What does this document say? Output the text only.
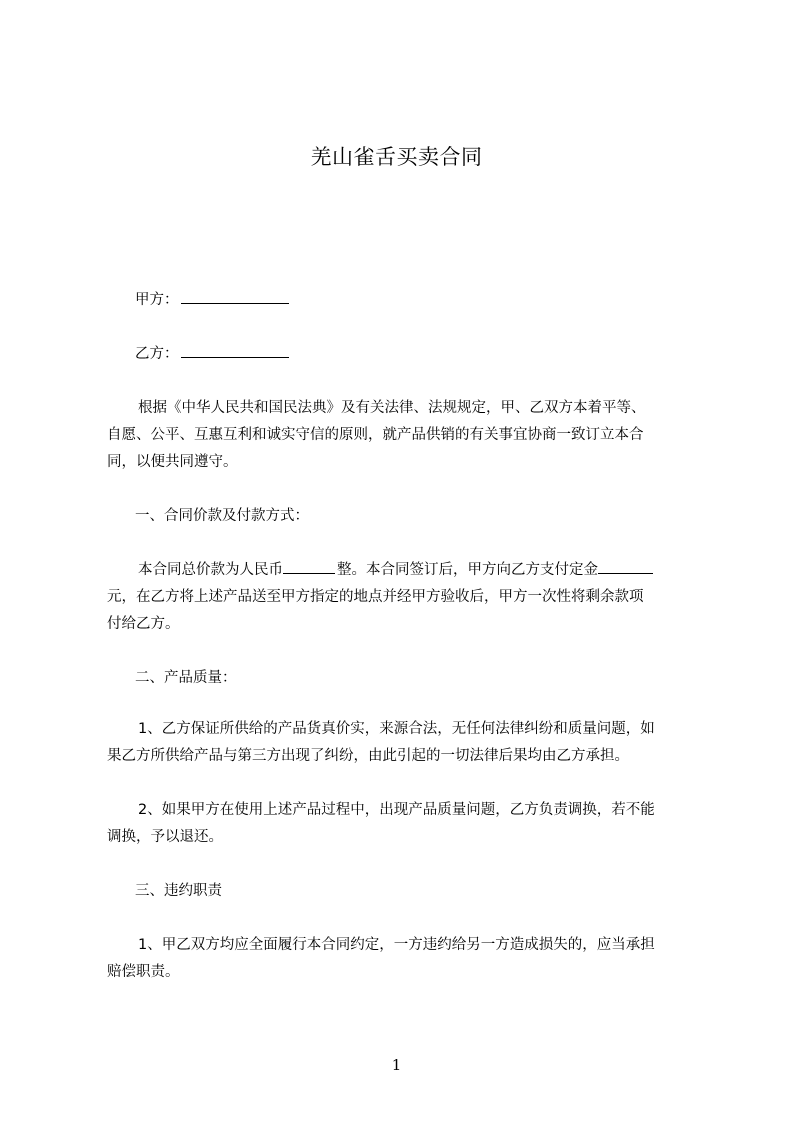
羌山雀舌买卖合同
甲方：
乙方：
根据《中华人民共和国民法典》及有关法律、法规规定，甲、乙双方本着平等、
自愿、公平、互惠互利和诚实守信的原则，就产品供销的有关事宜协商一致订立本合
同，以便共同遵守。
一、合同价款及付款方式：
本合同总价款为人民币	整。本合同签订后，甲方向乙方支付定金
元，在乙方将上述产品送至甲方指定的地点并经甲方验收后，甲方一次性将剩余款项
付给乙方。
二、产品质量：
1、乙方保证所供给的产品货真价实，来源合法，无任何法律纠纷和质量问题，如
果乙方所供给产品与第三方出现了纠纷，由此引起的一切法律后果均由乙方承担。
2、如果甲方在使用上述产品过程中，出现产品质量问题，乙方负责调换，若不能
调换，予以退还。
三、违约职责
1、甲乙双方均应全面履行本合同约定，一方违约给另一方造成损失的，应当承担
赔偿职责。
1
